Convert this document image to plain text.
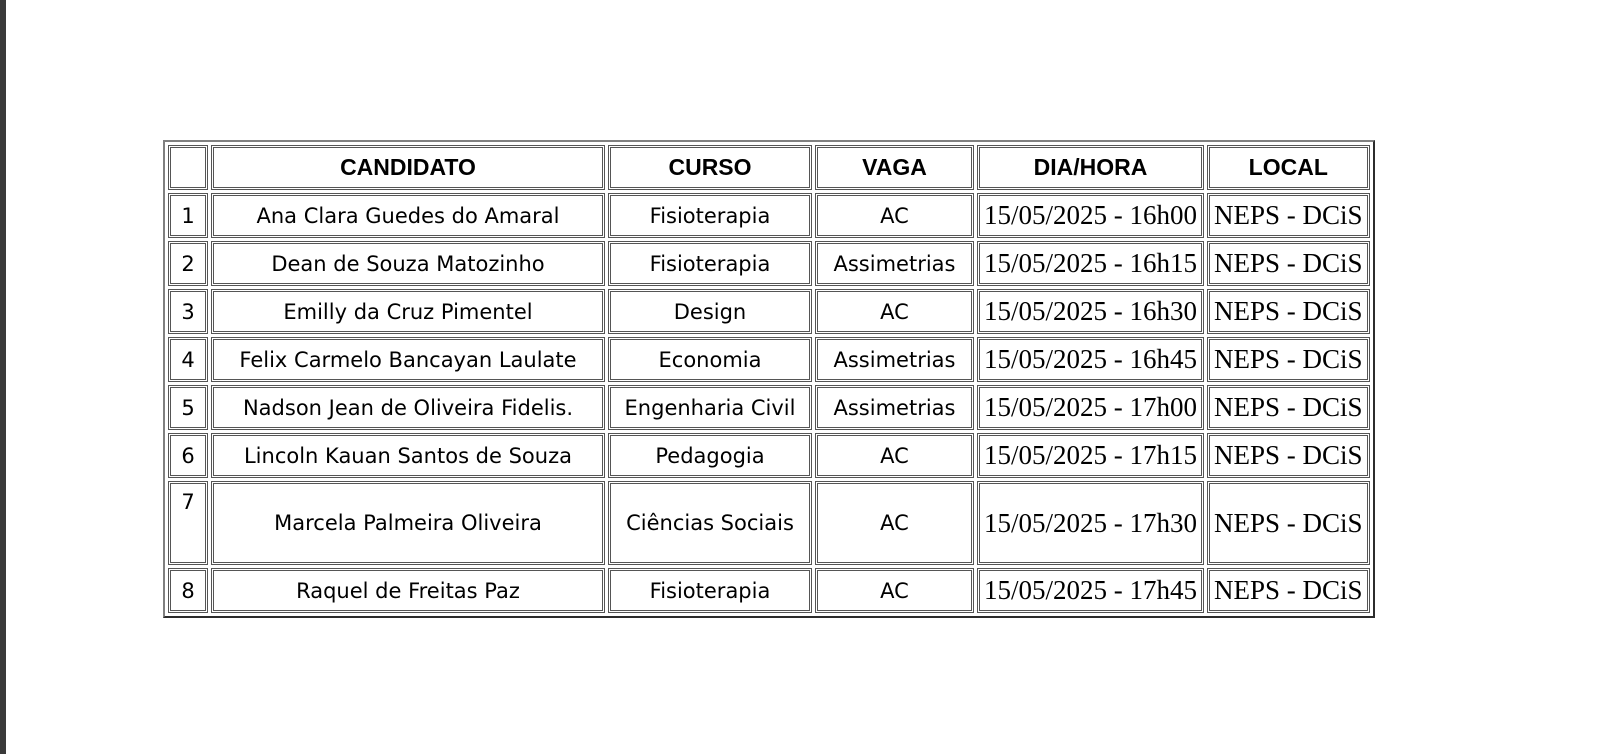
	CANDIDATO	CURSO	VAGA	DIA/HORA	LOCAL
1	Ana Clara Guedes do Amaral	Fisioterapia	AC	15/05/2025 - 16h00	NEPS - DCiS
2	Dean de Souza Matozinho	Fisioterapia	Assimetrias	15/05/2025 - 16h15	NEPS - DCiS
3	Emilly da Cruz Pimentel	Design	AC	15/05/2025 - 16h30	NEPS - DCiS
4	Felix Carmelo Bancayan Laulate	Economia	Assimetrias	15/05/2025 - 16h45	NEPS - DCiS
5	Nadson Jean de Oliveira Fidelis.	Engenharia Civil	Assimetrias	15/05/2025 - 17h00	NEPS - DCiS
6	Lincoln Kauan Santos de Souza	Pedagogia	AC	15/05/2025 - 17h15	NEPS - DCiS
7	Marcela Palmeira Oliveira	Ciências Sociais	AC	15/05/2025 - 17h30	NEPS - DCiS
8	Raquel de Freitas Paz	Fisioterapia	AC	15/05/2025 - 17h45	NEPS - DCiS
